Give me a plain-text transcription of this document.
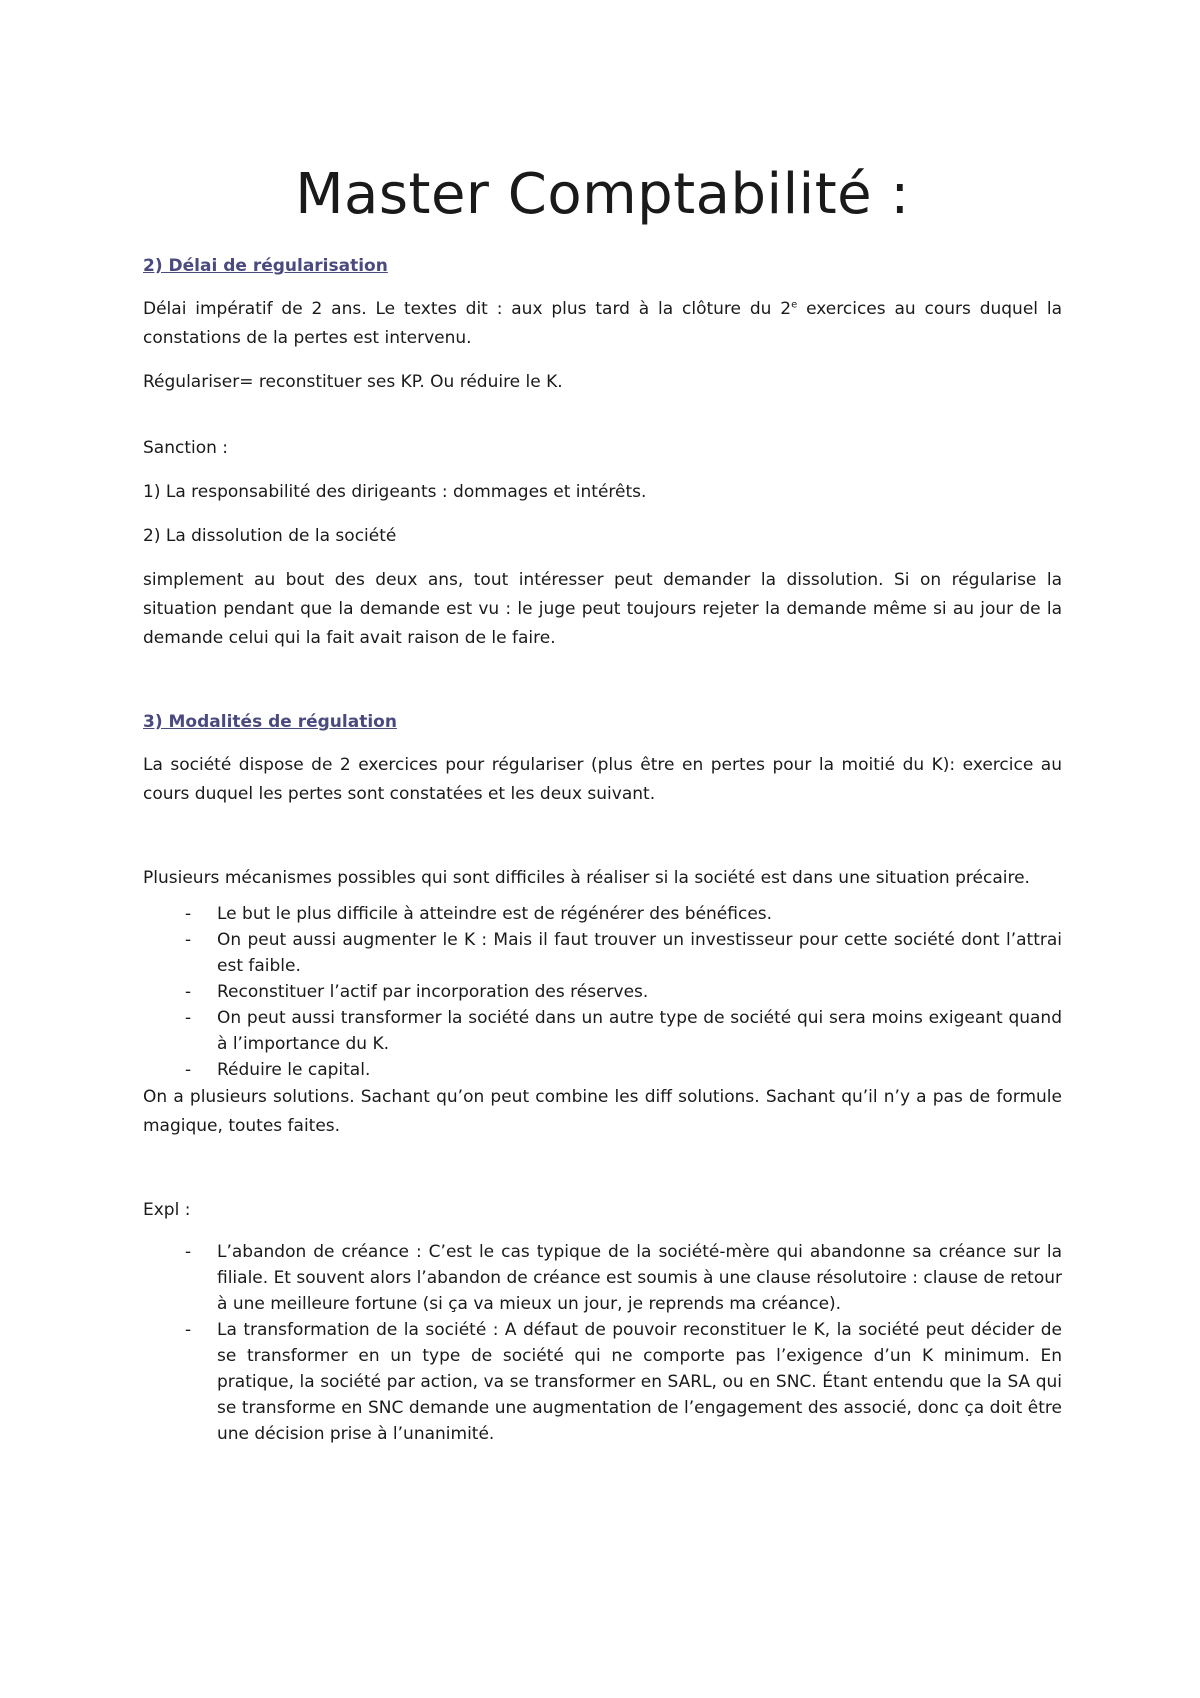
Master Comptabilité :
2) Délai de régularisation

Délai impératif de 2 ans. Le textes dit : aux plus tard à la clôture du 2e exercices au cours duquel la constations de la pertes est intervenu.

Régulariser= reconstituer ses KP. Ou réduire le K.

Sanction :

1) La responsabilité des dirigeants : dommages et intérêts.

2) La dissolution de la société

simplement au bout des deux ans, tout intéresser peut demander la dissolution. Si on régularise la situation pendant que la demande est vu : le juge peut toujours rejeter la demande même si au jour de la demande celui qui la fait avait raison de le faire.

3) Modalités de régulation

La société dispose de 2 exercices pour régulariser (plus être en pertes pour la moitié du K): exercice au cours duquel les pertes sont constatées et les deux suivant.

Plusieurs mécanismes possibles qui sont difficiles à réaliser si la société est dans une situation précaire.

- Le but le plus difficile à atteindre est de régénérer des bénéfices.
- On peut aussi augmenter le K : Mais il faut trouver un investisseur pour cette société dont l’attrai est faible.
- Reconstituer l’actif par incorporation des réserves.
- On peut aussi transformer la société dans un autre type de société qui sera moins exigeant quand à l’importance du K.
- Réduire le capital.

On a plusieurs solutions. Sachant qu’on peut combine les diff solutions. Sachant qu’il n’y a pas de formule magique, toutes faites.

Expl :

- L’abandon de créance : C’est le cas typique de la société-mère qui abandonne sa créance sur la filiale. Et souvent alors l’abandon de créance est soumis à une clause résolutoire : clause de retour à une meilleure fortune (si ça va mieux un jour, je reprends ma créance).
- La transformation de la société : A défaut de pouvoir reconstituer le K, la société peut décider de se transformer en un type de société qui ne comporte pas l’exigence d’un K minimum. En pratique, la société par action, va se transformer en SARL, ou en SNC. Étant entendu que la SA qui se transforme en SNC demande une augmentation de l’engagement des associé, donc ça doit être une décision prise à l’unanimité.
